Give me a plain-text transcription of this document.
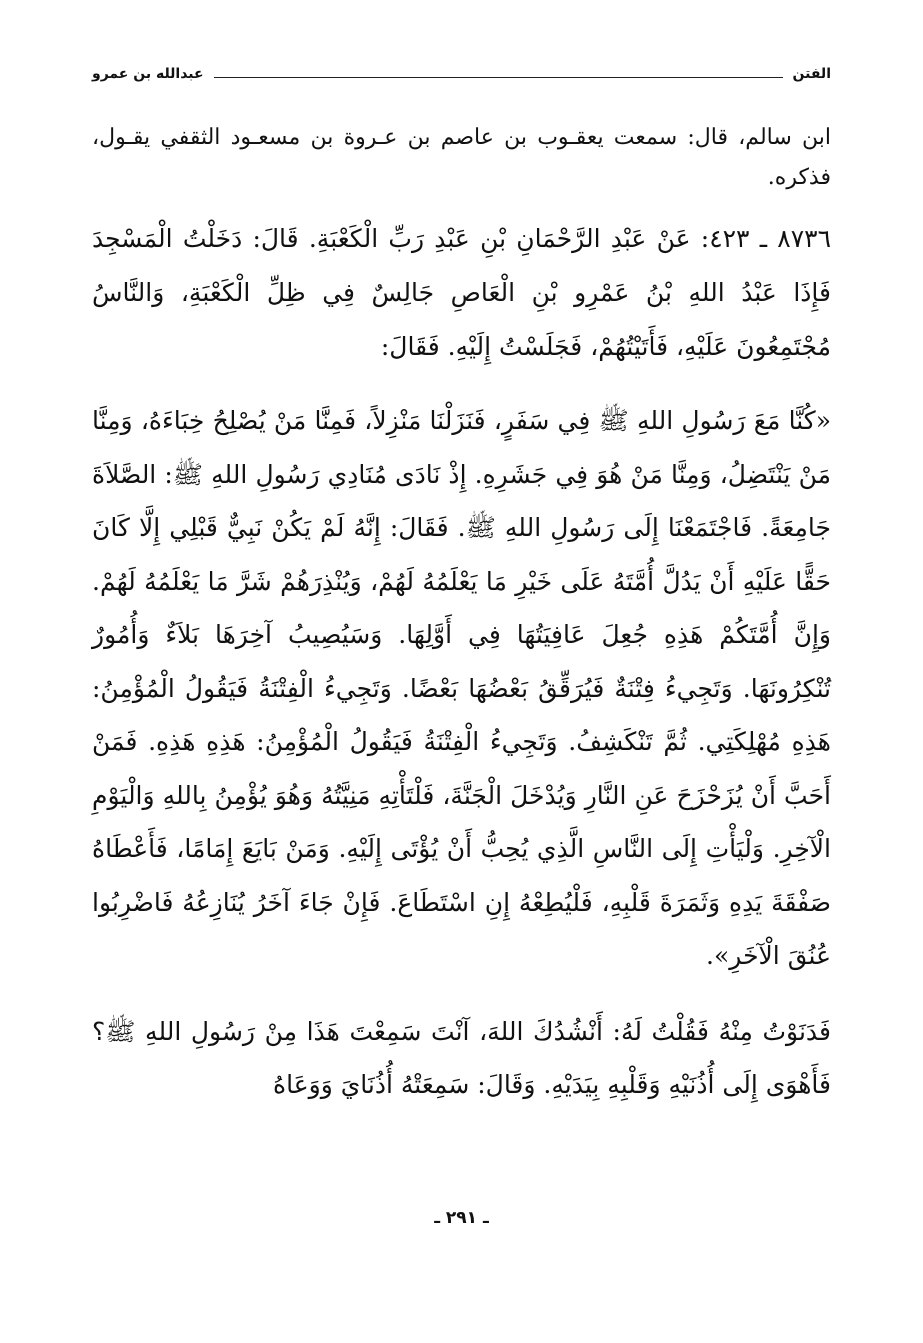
الفتن
عبدالله بن عمرو

ابن سالم، قال: سمعت يعقـوب بن عاصم بن عـروة بن مسعـود الثقفي يقـول، فذكره.

٨٧٣٦ ـ ٤٢٣: عَنْ عَبْدِ الرَّحْمَانِ بْنِ عَبْدِ رَبِّ الْكَعْبَةِ. قَالَ: دَخَلْتُ الْمَسْجِدَ فَإِذَا عَبْدُ اللهِ بْنُ عَمْرِو بْنِ الْعَاصِ جَالِسٌ فِي ظِلِّ الْكَعْبَةِ، وَالنَّاسُ مُجْتَمِعُونَ عَلَيْهِ، فَأَتَيْتُهُمْ، فَجَلَسْتُ إِلَيْهِ. فَقَالَ:

«كُنَّا مَعَ رَسُولِ اللهِ ﷺ فِي سَفَرٍ، فَنَزَلْنَا مَنْزِلاً، فَمِنَّا مَنْ يُصْلِحُ خِبَاءَهُ، وَمِنَّا مَنْ يَنْتَضِلُ، وَمِنَّا مَنْ هُوَ فِي جَشَرِهِ. إِذْ نَادَى مُنَادِي رَسُولِ اللهِ ﷺ: الصَّلاَةَ جَامِعَةً. فَاجْتَمَعْنَا إِلَى رَسُولِ اللهِ ﷺ. فَقَالَ: إِنَّهُ لَمْ يَكُنْ نَبِيٌّ قَبْلِي إِلَّا كَانَ حَقًّا عَلَيْهِ أَنْ يَدُلَّ أُمَّتَهُ عَلَى خَيْرِ مَا يَعْلَمُهُ لَهُمْ، وَيُنْذِرَهُمْ شَرَّ مَا يَعْلَمُهُ لَهُمْ. وَإِنَّ أُمَّتَكُمْ هَذِهِ جُعِلَ عَافِيَتُهَا فِي أَوَّلِهَا. وَسَيُصِيبُ آخِرَهَا بَلاَءٌ وَأُمُورٌ تُنْكِرُونَهَا. وَتَجِيءُ فِتْنَةٌ فَيُرَقِّقُ بَعْضُهَا بَعْضًا. وَتَجِيءُ الْفِتْنَةُ فَيَقُولُ الْمُؤْمِنُ: هَذِهِ مُهْلِكَتِي. ثُمَّ تَنْكَشِفُ. وَتَجِيءُ الْفِتْنَةُ فَيَقُولُ الْمُؤْمِنُ: هَذِهِ هَذِهِ. فَمَنْ أَحَبَّ أَنْ يُزَحْزَحَ عَنِ النَّارِ وَيُدْخَلَ الْجَنَّةَ، فَلْتَأْتِهِ مَنِيَّتُهُ وَهُوَ يُؤْمِنُ بِاللهِ وَالْيَوْمِ الْآخِرِ. وَلْيَأْتِ إِلَى النَّاسِ الَّذِي يُحِبُّ أَنْ يُؤْتَى إِلَيْهِ. وَمَنْ بَايَعَ إِمَامًا، فَأَعْطَاهُ صَفْقَةَ يَدِهِ وَثَمَرَةَ قَلْبِهِ، فَلْيُطِعْهُ إِنِ اسْتَطَاعَ. فَإِنْ جَاءَ آخَرُ يُنَازِعُهُ فَاضْرِبُوا عُنُقَ الْآخَرِ».

فَدَنَوْتُ مِنْهُ فَقُلْتُ لَهُ: أَنْشُدُكَ اللهَ، آنْتَ سَمِعْتَ هَذَا مِنْ رَسُولِ اللهِ ﷺ؟ فَأَهْوَى إِلَى أُذُنَيْهِ وَقَلْبِهِ بِيَدَيْهِ. وَقَالَ: سَمِعَتْهُ أُذُنَايَ وَوَعَاهُ

ـ ٢٩١ ـ
